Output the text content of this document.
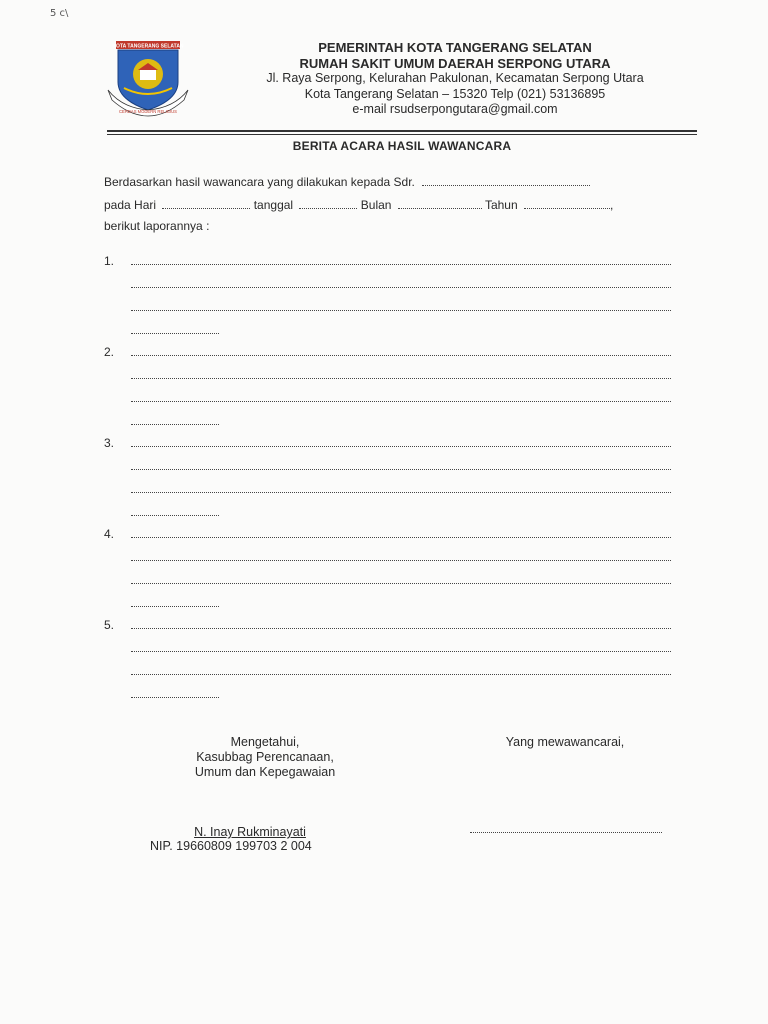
5 c\
KOTA TANGERANG SELATAN
CERDAS MODERN RELIGIUS
PEMERINTAH KOTA TANGERANG SELATAN
RUMAH SAKIT UMUM DAERAH SERPONG UTARA
Jl. Raya Serpong, Kelurahan Pakulonan, Kecamatan Serpong Utara
Kota Tangerang Selatan – 15320 Telp (021) 53136895
e-mail rsudserpongutara@gmail.com
BERITA ACARA HASIL WAWANCARA
Berdasarkan hasil wawancara yang dilakukan kepada Sdr.
pada Hari	tanggal	Bulan	Tahun	,
berikut laporannya :
1.
2.
3.
4.
5.
Mengetahui,
Kasubbag Perencanaan,
Umum dan Kepegawaian
Yang mewawancarai,
N. Inay Rukminayati
NIP. 19660809 199703 2 004
